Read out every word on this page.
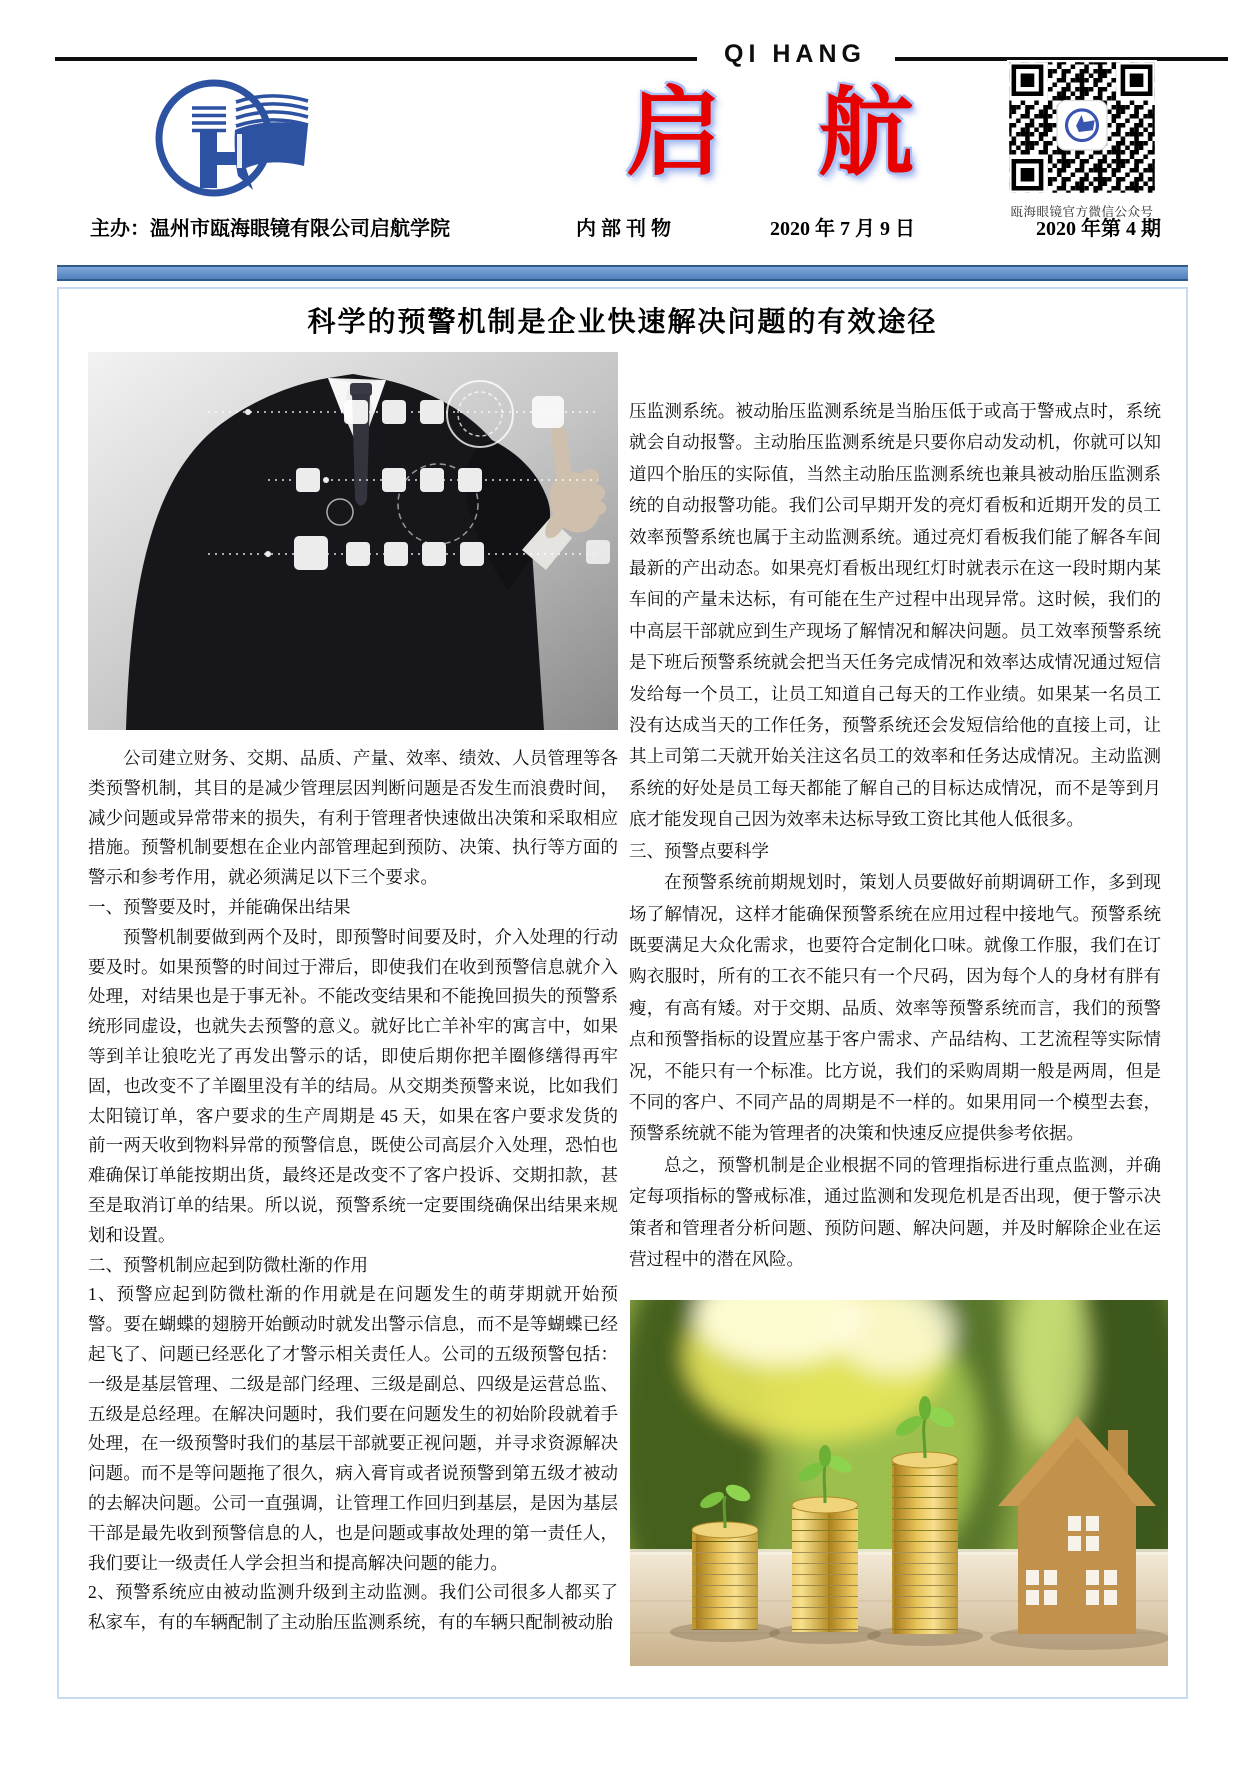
QI HANG
启　航
瓯海眼镜官方微信公众号
主办：温州市瓯海眼镜有限公司启航学院	内部刊物	2020 年 7 月 9 日	2020 年第 4 期
科学的预警机制是企业快速解决问题的有效途径

公司建立财务、交期、品质、产量、效率、绩效、人员管理等各类预警机制，其目的是减少管理层因判断问题是否发生而浪费时间，减少问题或异常带来的损失，有利于管理者快速做出决策和采取相应措施。预警机制要想在企业内部管理起到预防、决策、执行等方面的警示和参考作用，就必须满足以下三个要求。

一、预警要及时，并能确保出结果

预警机制要做到两个及时，即预警时间要及时，介入处理的行动要及时。如果预警的时间过于滞后，即使我们在收到预警信息就介入处理，对结果也是于事无补。不能改变结果和不能挽回损失的预警系统形同虚设，也就失去预警的意义。就好比亡羊补牢的寓言中，如果等到羊让狼吃光了再发出警示的话，即使后期你把羊圈修缮得再牢固，也改变不了羊圈里没有羊的结局。从交期类预警来说，比如我们太阳镜订单，客户要求的生产周期是 45 天，如果在客户要求发货的前一两天收到物料异常的预警信息，既使公司高层介入处理，恐怕也难确保订单能按期出货，最终还是改变不了客户投诉、交期扣款，甚至是取消订单的结果。所以说，预警系统一定要围绕确保出结果来规划和设置。

二、预警机制应起到防微杜渐的作用

1、预警应起到防微杜渐的作用就是在问题发生的萌芽期就开始预警。要在蝴蝶的翅膀开始颤动时就发出警示信息，而不是等蝴蝶已经起飞了、问题已经恶化了才警示相关责任人。公司的五级预警包括：一级是基层管理、二级是部门经理、三级是副总、四级是运营总监、五级是总经理。在解决问题时，我们要在问题发生的初始阶段就着手处理，在一级预警时我们的基层干部就要正视问题，并寻求资源解决问题。而不是等问题拖了很久，病入膏肓或者说预警到第五级才被动的去解决问题。公司一直强调，让管理工作回归到基层，是因为基层干部是最先收到预警信息的人，也是问题或事故处理的第一责任人，我们要让一级责任人学会担当和提高解决问题的能力。

2、预警系统应由被动监测升级到主动监测。我们公司很多人都买了私家车，有的车辆配制了主动胎压监测系统，有的车辆只配制被动胎

压监测系统。被动胎压监测系统是当胎压低于或高于警戒点时，系统就会自动报警。主动胎压监测系统是只要你启动发动机，你就可以知道四个胎压的实际值，当然主动胎压监测系统也兼具被动胎压监测系统的自动报警功能。我们公司早期开发的亮灯看板和近期开发的员工效率预警系统也属于主动监测系统。通过亮灯看板我们能了解各车间最新的产出动态。如果亮灯看板出现红灯时就表示在这一段时期内某车间的产量未达标，有可能在生产过程中出现异常。这时候，我们的中高层干部就应到生产现场了解情况和解决问题。员工效率预警系统是下班后预警系统就会把当天任务完成情况和效率达成情况通过短信发给每一个员工，让员工知道自己每天的工作业绩。如果某一名员工没有达成当天的工作任务，预警系统还会发短信给他的直接上司，让其上司第二天就开始关注这名员工的效率和任务达成情况。主动监测系统的好处是员工每天都能了解自己的目标达成情况，而不是等到月底才能发现自己因为效率未达标导致工资比其他人低很多。

三、预警点要科学

在预警系统前期规划时，策划人员要做好前期调研工作，多到现场了解情况，这样才能确保预警系统在应用过程中接地气。预警系统既要满足大众化需求，也要符合定制化口味。就像工作服，我们在订购衣服时，所有的工衣不能只有一个尺码，因为每个人的身材有胖有瘦，有高有矮。对于交期、品质、效率等预警系统而言，我们的预警点和预警指标的设置应基于客户需求、产品结构、工艺流程等实际情况，不能只有一个标准。比方说，我们的采购周期一般是两周，但是不同的客户、不同产品的周期是不一样的。如果用同一个模型去套，预警系统就不能为管理者的决策和快速反应提供参考依据。

总之，预警机制是企业根据不同的管理指标进行重点监测，并确定每项指标的警戒标准，通过监测和发现危机是否出现，便于警示决策者和管理者分析问题、预防问题、解决问题，并及时解除企业在运营过程中的潜在风险。
